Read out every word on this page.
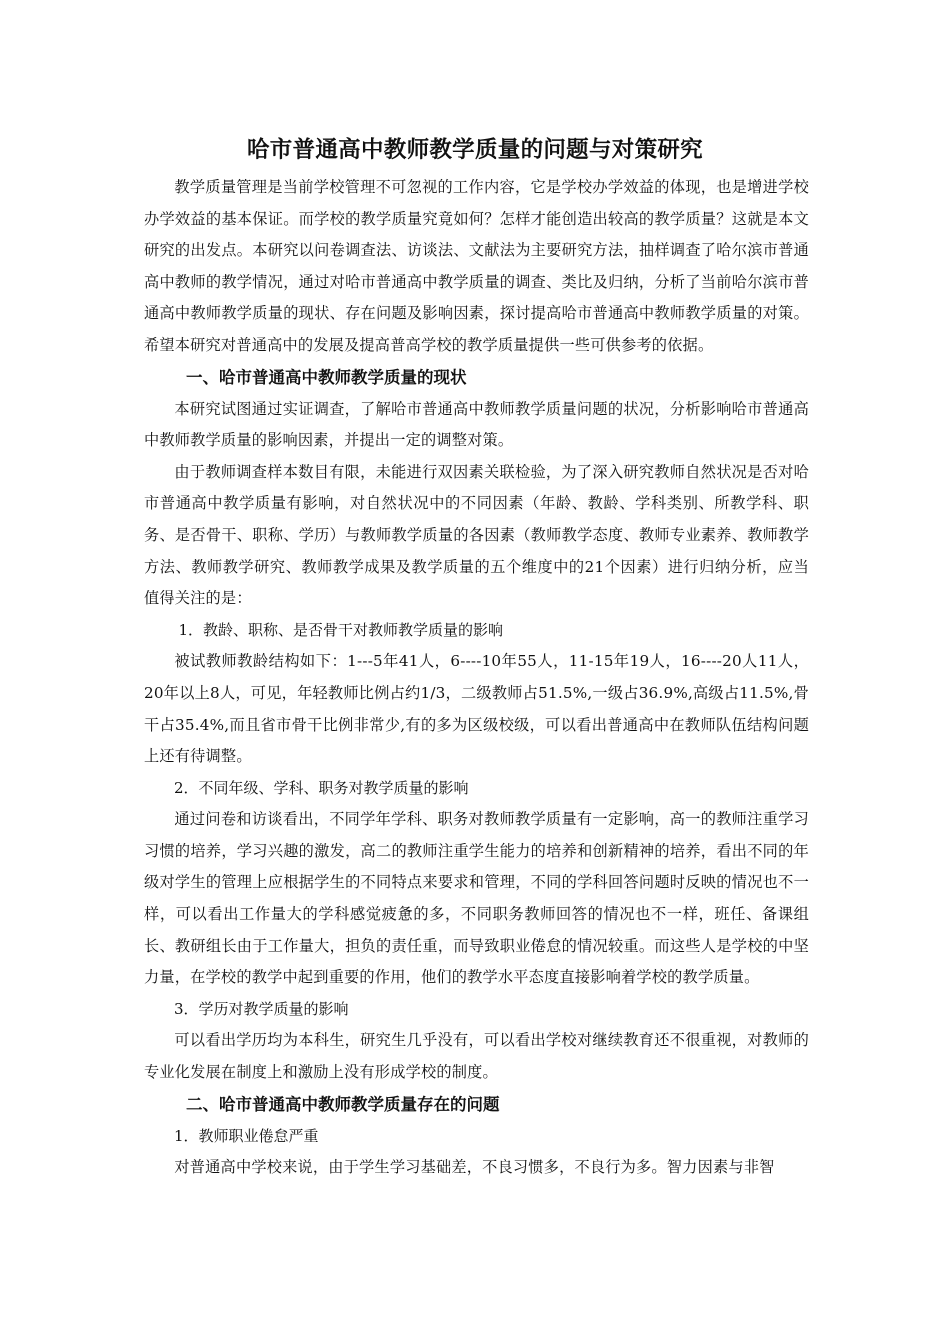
哈市普通高中教师教学质量的问题与对策研究

教学质量管理是当前学校管理不可忽视的工作内容，它是学校办学效益的体现，也是增进学校办学效益的基本保证。而学校的教学质量究竟如何？怎样才能创造出较高的教学质量？这就是本文研究的出发点。本研究以问卷调查法、访谈法、文献法为主要研究方法，抽样调查了哈尔滨市普通高中教师的教学情况，通过对哈市普通高中教学质量的调查、类比及归纳，分析了当前哈尔滨市普通高中教师教学质量的现状、存在问题及影响因素，探讨提高哈市普通高中教师教学质量的对策。希望本研究对普通高中的发展及提高普高学校的教学质量提供一些可供参考的依据。

一、哈市普通高中教师教学质量的现状

本研究试图通过实证调查，了解哈市普通高中教师教学质量问题的状况，分析影响哈市普通高中教师教学质量的影响因素，并提出一定的调整对策。

由于教师调查样本数目有限，未能进行双因素关联检验，为了深入研究教师自然状况是否对哈市普通高中教学质量有影响，对自然状况中的不同因素（年龄、教龄、学科类别、所教学科、职务、是否骨干、职称、学历）与教师教学质量的各因素（教师教学态度、教师专业素养、教师教学方法、教师教学研究、教师教学成果及教学质量的五个维度中的21个因素）进行归纳分析，应当值得关注的是：

1．教龄、职称、是否骨干对教师教学质量的影响

被试教师教龄结构如下：1---5年41人，6----10年55人，11-15年19人，16----20人11人，20年以上8人，可见，年轻教师比例占约1/3，二级教师占51.5%,一级占36.9%,高级占11.5%,骨干占35.4%,而且省市骨干比例非常少,有的多为区级校级，可以看出普通高中在教师队伍结构问题上还有待调整。

2．不同年级、学科、职务对教学质量的影响

通过问卷和访谈看出，不同学年学科、职务对教师教学质量有一定影响，高一的教师注重学习习惯的培养，学习兴趣的激发，高二的教师注重学生能力的培养和创新精神的培养，看出不同的年级对学生的管理上应根据学生的不同特点来要求和管理，不同的学科回答问题时反映的情况也不一样，可以看出工作量大的学科感觉疲惫的多，不同职务教师回答的情况也不一样，班任、备课组长、教研组长由于工作量大，担负的责任重，而导致职业倦怠的情况较重。而这些人是学校的中坚力量，在学校的教学中起到重要的作用，他们的教学水平态度直接影响着学校的教学质量。

3．学历对教学质量的影响

可以看出学历均为本科生，研究生几乎没有，可以看出学校对继续教育还不很重视，对教师的专业化发展在制度上和激励上没有形成学校的制度。

二、哈市普通高中教师教学质量存在的问题
1．教师职业倦怠严重

对普通高中学校来说，由于学生学习基础差，不良习惯多，不良行为多。智力因素与非智
